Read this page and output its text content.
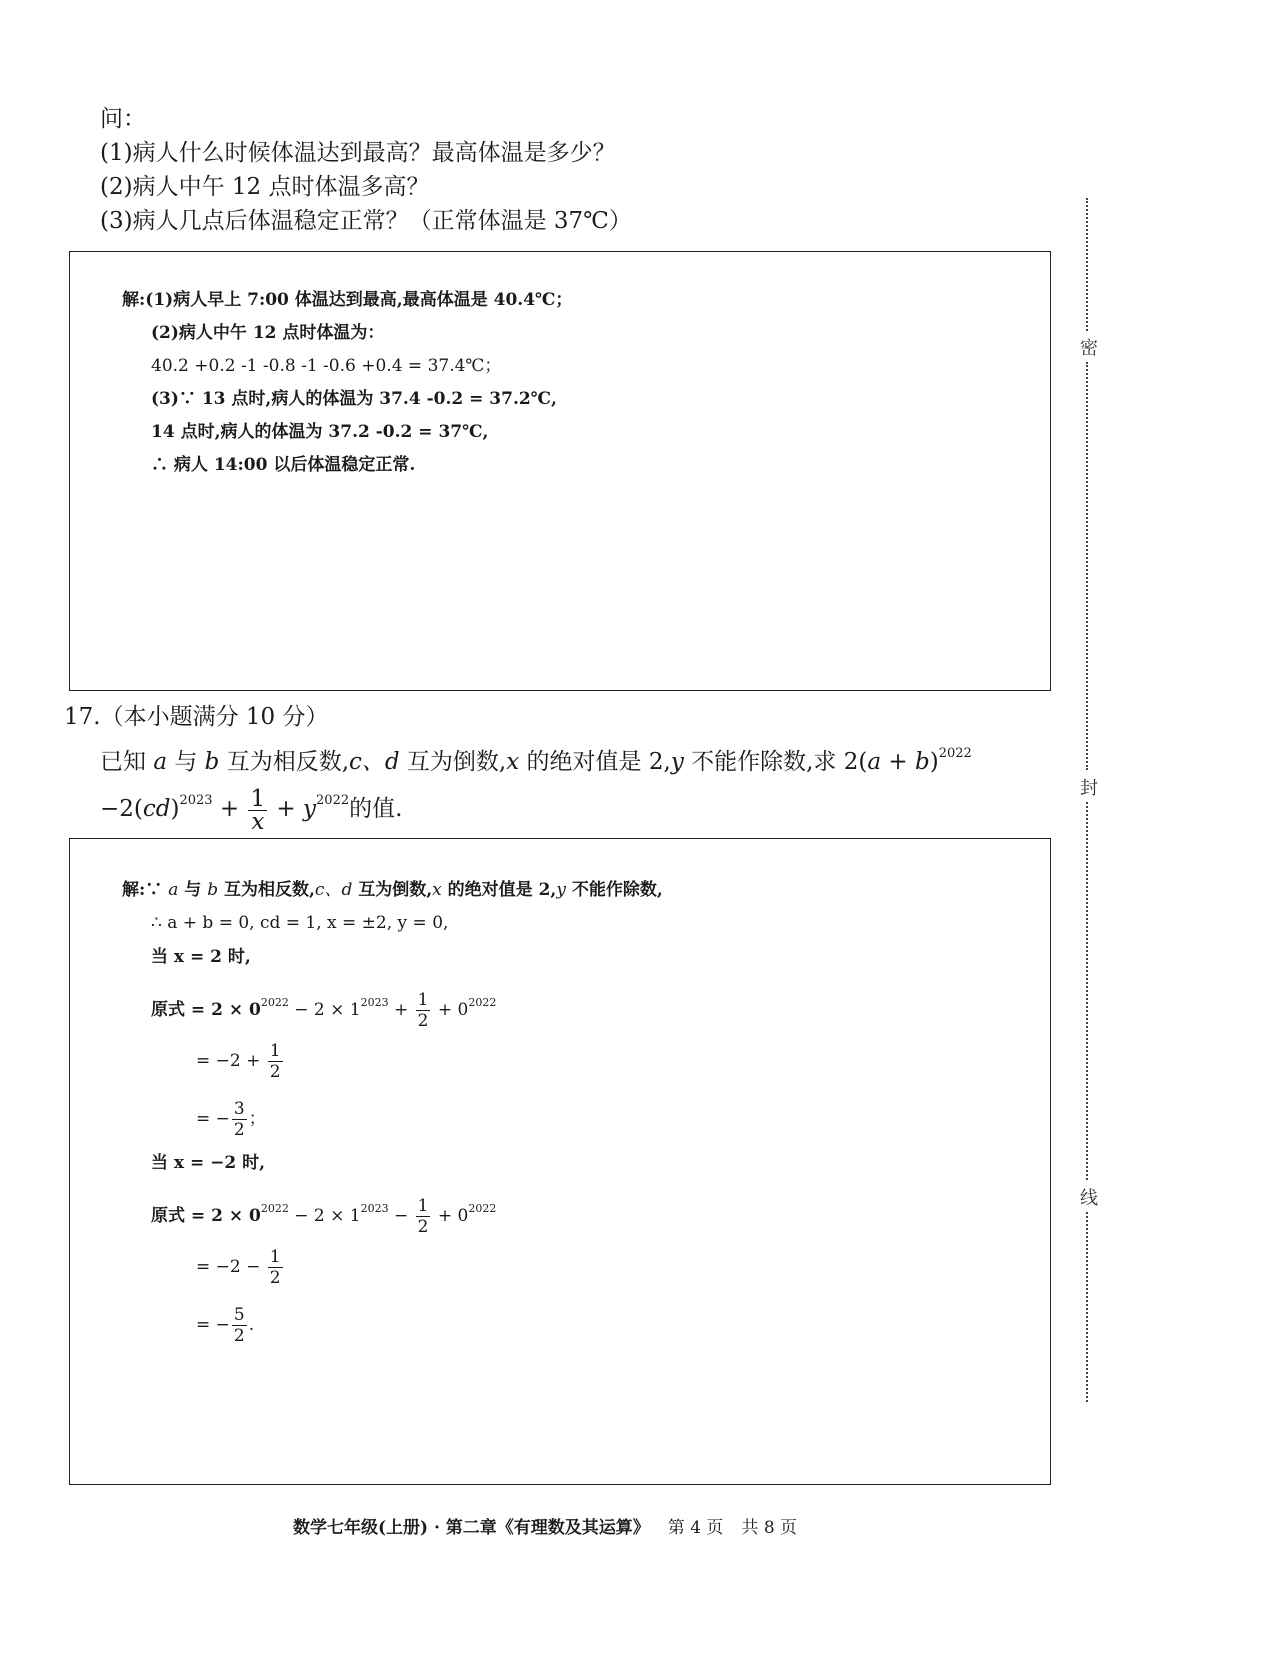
问：
(1)病人什么时候体温达到最高？最高体温是多少？
(2)病人中午 12 点时体温多高？
(3)病人几点后体温稳定正常？（正常体温是 37℃）
解:(1)病人早上 7:00 体温达到最高,最高体温是 40.4℃；
(2)病人中午 12 点时体温为：
40.2 +0.2 -1 -0.8 -1 -0.6 +0.4 = 37.4℃；
(3)∵ 13 点时,病人的体温为 37.4 -0.2 = 37.2℃,
14 点时,病人的体温为 37.2 -0.2 = 37℃,
∴ 病人 14:00 以后体温稳定正常.
17.（本小题满分 10 分）
已知 a 与 b 互为相反数,c、d 互为倒数,x 的绝对值是 2,y 不能作除数,求 $2(a + b)^{2022}$
$-2(cd)^{2023} + \frac{1}{x} + y^{2022}$的值.
解:∵ a 与 b 互为相反数,c、d 互为倒数,x 的绝对值是 2,y 不能作除数,
∴ a + b = 0, cd = 1, x = ±2, y = 0,
当 x = 2 时,
原式 = $2 \times 0^{2022} - 2 \times 1^{2023} + \frac{1}{2} + 0^{2022}$
= $-2 + \frac{1}{2}$
= − $\frac{3}{2}$ ；
当 x = −2 时,
原式 = $2 \times 0^{2022} - 2 \times 1^{2023} - \frac{1}{2} + 0^{2022}$
= $-2 - \frac{1}{2}$
= − $\frac{5}{2}$ .
密
封
线
数学七年级(上册) · 第二章《有理数及其运算》 第 4 页 共 8 页
